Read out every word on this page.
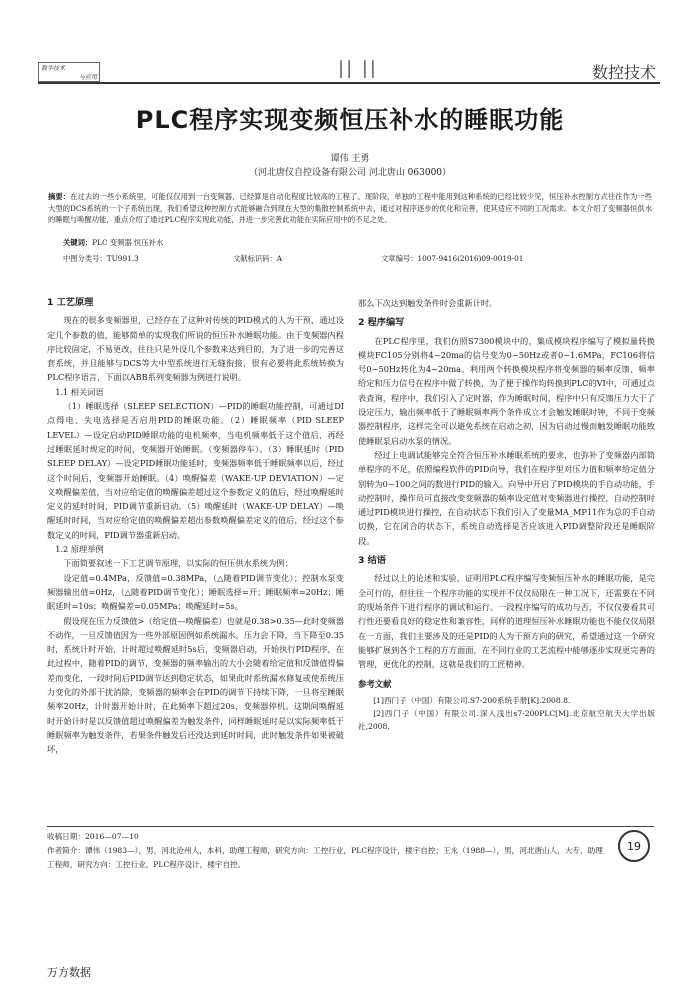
数字技术
与应用	|| ||	数控技术
PLC程序实现变频恒压补水的睡眠功能
谭伟 王勇
（河北唐仪自控设备有限公司 河北唐山 063000）
摘要：在过去的一些小系统里，可能仅仅用到一台变频器，已经算是自动化程度比较高的工程了。现阶段，单独的工程中能用到这种系统的已经比较少见，恒压补水控制方式往往作为一些大型的DCS系统的一个子系统出现，我们希望这种控制方式能够融合到现在大型的集散控制系统中去，通过对程序逐步的优化和完善，使其适应不同的工况需求。本文介绍了变频器恒供水的睡眠与唤醒功能，重点介绍了通过PLC程序实现此功能，并进一步完善此功能在实际应用中的不足之处。
关键词：PLC 变频器 恒压补水
中图分类号：TU991.3	文献标识码：A	文章编号：1007-9416(2016)09-0019-01
1 工艺原理

现在的很多变频器里，已经存在了这种对传统的PID模式的人为干预，通过设定几个参数的值，能够简单的实现我们所说的恒压补水睡眠功能。由于变频器内程序比较固定，不易更改，往往只是外设几个参数来达到目的，为了进一步的完善这套系统，并且能够与DCS等大中型系统进行无缝衔接，很有必要将此系统转换为PLC程序语言，下面以ABB系列变频器为例进行说明。

1.1 相关词语

（1）睡眠选择（SLEEP SELECTION）—PID的睡眠功能控制，可通过DI点得电、失电选择是否启用PID的睡眠功能。（2）睡眠频率（PID SLEEP LEVEL）—设定启动PID睡眠功能的电机频率，当电机频率低于这个值后，再经过睡眠延时规定的时间，变频器开始睡眠。（变频器停车）。（3）睡眠延时（PID SLEEP DELAY）—设定PID睡眠功能延时，变频器频率低于睡眠频率以后，经过这个时间后，变频器开始睡眠。（4）唤醒偏差（WAKE-UP DEVIATION）—定义唤醒偏差值，当对应给定值的唤醒偏差超过这个参数定义的值后，经过唤醒延时定义的延时时间，PID调节重新启动。（5）唤醒延时（WAKE-UP DELAY）—唤醒延时时间，当对应给定值的唤醒偏差超出参数唤醒偏差定义的值后，经过这个参数定义的时间，PID调节器重新启动。

1.2 原理举例

下面简要叙述一下工艺调节原理，以实际的恒压供水系统为例：

设定值=0.4MPa，反馈值=0.38MPa，（△随着PID调节变化）；控制水泵变频器输出值=0Hz，（△随着PID调节变化）；睡眠选择=开；睡眠频率=20Hz；睡眠延时=10s；唤醒偏差=0.05MPa；唤醒延时=5s。

假设现在压力反馈值>（给定值—唤醒偏差）也就是0.38>0.35—此时变频器不动作，一旦反馈值因为一些外部原因例如系统漏水，压力会下降，当下降至0.35时，系统计时开始，计时超过唤醒延时5s后，变频器启动，开始执行PID程序，在此过程中，随着PID的调节，变频器的频率输出的大小会随着给定值和反馈值得偏差而变化，一段时间后PID调节达到稳定状态，如果此时系统漏水修复或使系统压力变化的外部干扰消除，变频器的频率会在PID的调节下持续下降，一旦将至睡眠频率20Hz，计时器开始计时，在此频率下超过20s，变频器停机。这期间唤醒延时开始计时是以反馈值超过唤醒偏差为触发条件，同样睡眠延时是以实际频率低于睡眠频率为触发条件，若果条件触发后还没达到延时时间，此时触发条件如果被破坏，

那么下次达到触发条件时会重新计时。

2 程序编写

在PLC程序里，我们仿照S7300模块中的，集成模块程序编写了模拟量转换模块FC105分别将4~20ma的信号变为0~50Hz或者0~1.6MPa，FC106将信号0~50Hz转化为4~20ma。利用两个转换模块程序将变频器的频率反馈、频率给定和压力信号在程序中做了转换，为了便于操作均转换到PLC的VI中，可通过点表查询，程序中，我们引入了定时器，作为睡眠时间，程序中只有反馈压力大于了设定压力，输出频率低于了睡眠频率两个条件成立才会触发睡眠时钟，不同于变频器控制程序，这样完全可以避免系统在启动之初，因为启动过慢而触发睡眠功能致使睡眠泵启动水泵的情况。

经过上电调试能够完全符合恒压补水睡眠系统的要求，也弥补了变频器内部简单程序的不足，依照编程软件的PID向导，我们在程序里对压力值和频率给定值分别转为0~100之间的数进行PID的输入。向导中开启了PID模块的手自动功能，手动控制时，操作员可直接改变变频器的频率设定值对变频器进行操控，自动控制时通过PID模块进行操控，在自动状态下我们引入了变量MA_MP11作为总的手自动切换，它在闭合的状态下，系统自动选择是否应该进入PID调整阶段还是睡眠阶段。

3 结语

经过以上的论述和实验，证明用PLC程序编写变频恒压补水的睡眠功能，是完全可行的，但往往一个程序功能的实现并不仅仅局限在一种工况下，还需要在不同的现场条件下进行程序的调试和运行。一段程序编写的成功与否，不仅仅要看其可行性还要看良好的稳定性和兼容性，同样的道理恒压补水睡眠功能也不能仅仅局限在一方面，我们主要涉及的还是PID的人为干预方向的研究，希望通过这一个研究能够扩展到各个工程的方方面面，在不同行业的工艺流程中能够逐步实现更完善的管理，更优化的控制，这就是我们的工匠精神。

参考文献

[1]西门子（中国）有限公司.S7-200系统手册[K].2008.8.

[2]西门子（中国）有限公司.深入浅出s7-200PLC[M].北京航空航天大学出版社,2008.

收稿日期：2016—07—10
作者简介：谭伟（1983—），男，河北沧州人，本科，助理工程师，研究方向：工控行业，PLC程序设计，楼宇自控；王永（1988—），男，河北唐山人，大专，助理工程师，研究方向：工控行业，PLC程序设计，楼宇自控。
19
万方数据
